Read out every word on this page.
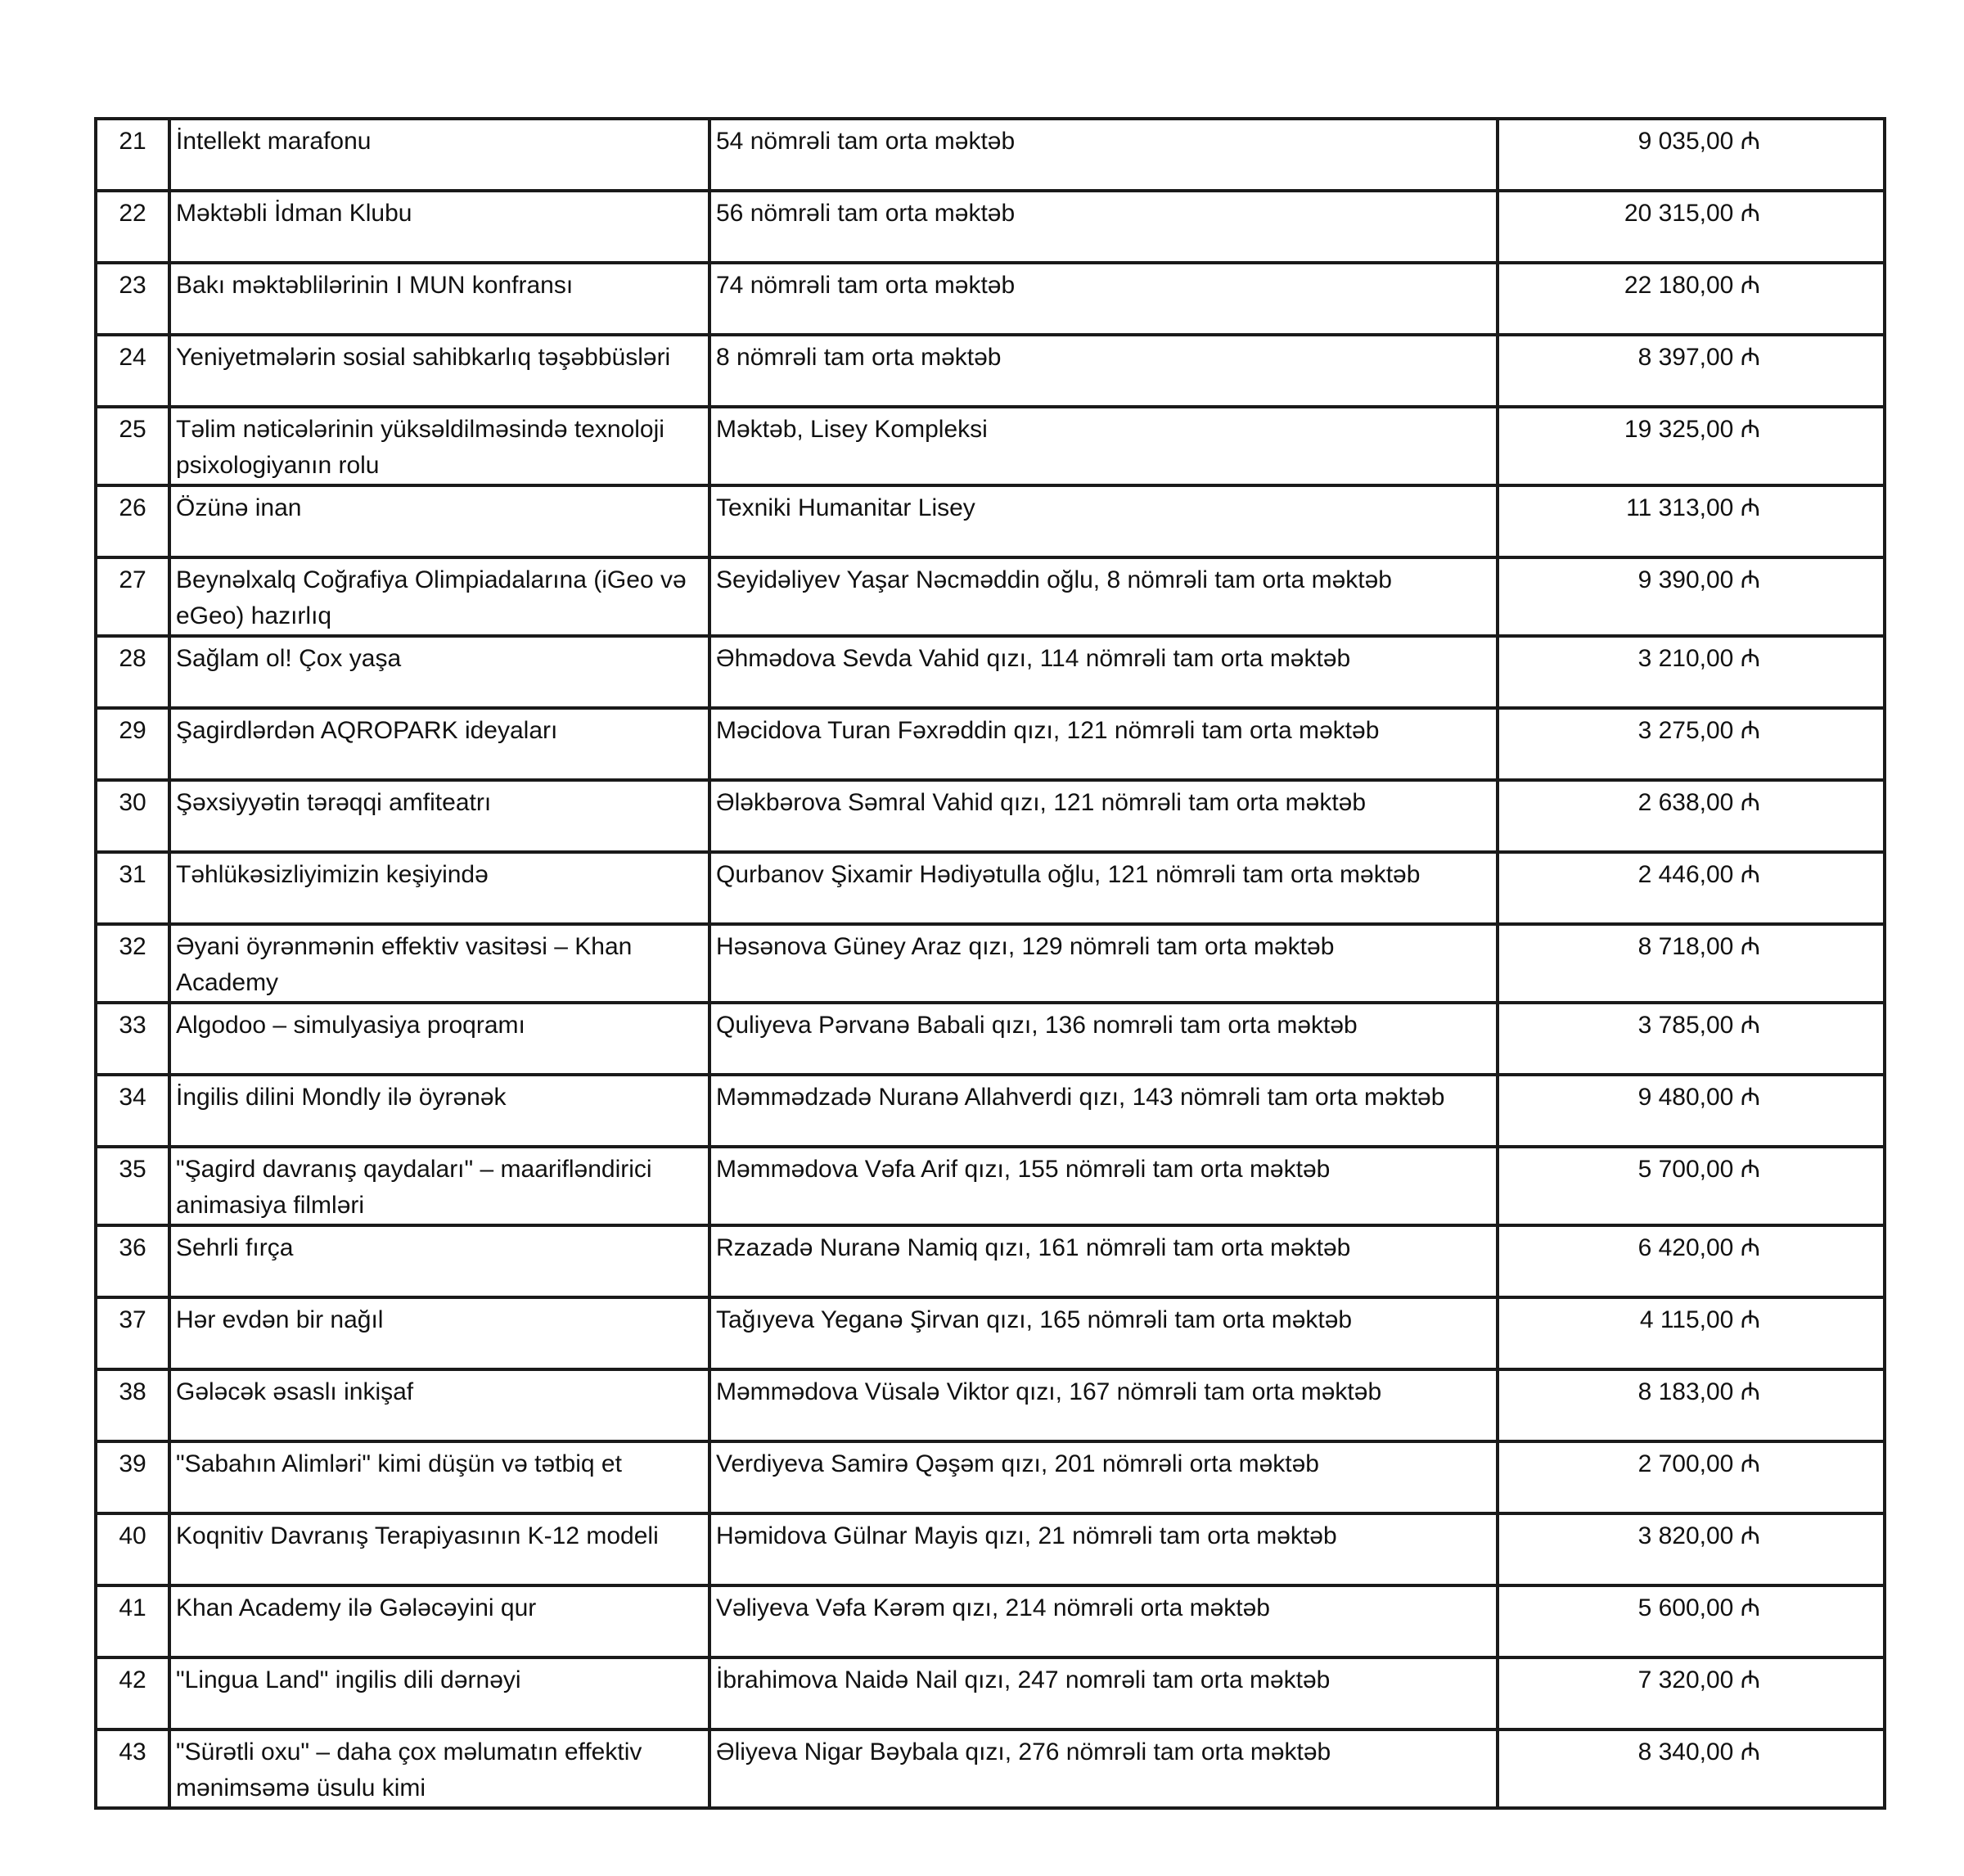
21	İntellekt marafonu	54 nömrəli tam orta məktəb	9 035,00 ₼
22	Məktəbli İdman Klubu	56 nömrəli tam orta məktəb	20 315,00 ₼
23	Bakı məktəblilərinin I MUN konfransı	74 nömrəli tam orta məktəb	22 180,00 ₼
24	Yeniyetmələrin sosial sahibkarlıq təşəbbüsləri	8 nömrəli tam orta məktəb	8 397,00 ₼
25	Təlim nəticələrinin yüksəldilməsində texnoloji psixologiyanın rolu	Məktəb, Lisey Kompleksi	19 325,00 ₼
26	Özünə inan	Texniki Humanitar Lisey	11 313,00 ₼
27	Beynəlxalq Coğrafiya Olimpiadalarına (iGeo və eGeo) hazırlıq	Seyidəliyev Yaşar Nəcməddin oğlu, 8 nömrəli tam orta məktəb	9 390,00 ₼
28	Sağlam ol! Çox yaşa	Əhmədova Sevda Vahid qızı, 114 nömrəli tam orta məktəb	3 210,00 ₼
29	Şagirdlərdən AQROPARK ideyaları	Məcidova Turan Fəxrəddin qızı, 121 nömrəli tam orta məktəb	3 275,00 ₼
30	Şəxsiyyətin tərəqqi amfiteatrı	Ələkbərova Səmral Vahid qızı, 121 nömrəli tam orta məktəb	2 638,00 ₼
31	Təhlükəsizliyimizin keşiyində	Qurbanov Şixamir Hədiyətulla oğlu, 121 nömrəli tam orta məktəb	2 446,00 ₼
32	Əyani öyrənmənin effektiv vasitəsi – Khan Academy	Həsənova Güney Araz qızı, 129 nömrəli tam orta məktəb	8 718,00 ₼
33	Algodoo – simulyasiya proqramı	Quliyeva Pərvanə Babali qızı, 136 nomrəli tam orta məktəb	3 785,00 ₼
34	İngilis dilini Mondly ilə öyrənək	Məmmədzadə Nuranə Allahverdi qızı, 143 nömrəli tam orta məktəb	9 480,00 ₼
35	"Şagird davranış qaydaları" – maarifləndirici animasiya filmləri	Məmmədova Vəfa Arif qızı, 155 nömrəli tam orta məktəb	5 700,00 ₼
36	Sehrli fırça	Rzazadə Nuranə Namiq qızı, 161 nömrəli tam orta məktəb	6 420,00 ₼
37	Hər evdən bir nağıl	Tağıyeva Yeganə Şirvan qızı, 165 nömrəli tam orta məktəb	4 115,00 ₼
38	Gələcək əsaslı inkişaf	Məmmədova Vüsalə Viktor qızı, 167 nömrəli tam orta məktəb	8 183,00 ₼
39	"Sabahın Alimləri" kimi düşün və tətbiq et	Verdiyeva Samirə Qəşəm qızı, 201 nömrəli orta məktəb	2 700,00 ₼
40	Koqnitiv Davranış Terapiyasının K-12 modeli	Həmidova Gülnar Mayis qızı, 21 nömrəli tam orta məktəb	3 820,00 ₼
41	Khan Academy ilə Gələcəyini qur	Vəliyeva Vəfa Kərəm qızı, 214 nömrəli orta məktəb	5 600,00 ₼
42	"Lingua Land" ingilis dili dərnəyi	İbrahimova Naidə Nail qızı, 247 nomrəli tam orta məktəb	7 320,00 ₼
43	"Sürətli oxu" – daha çox məlumatın effektiv mənimsəmə üsulu kimi	Əliyeva Nigar Bəybala qızı, 276 nömrəli tam orta məktəb	8 340,00 ₼
